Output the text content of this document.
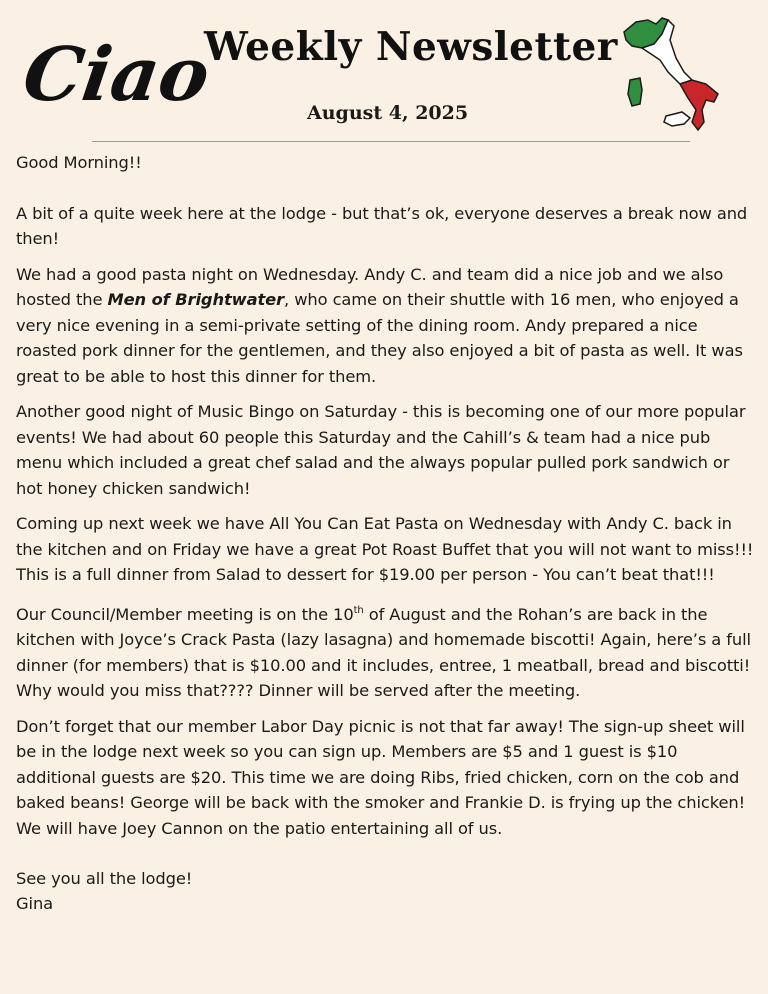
Ciao
Weekly Newsletter
August 4, 2025

Good Morning!!

A bit of a quite week here at the lodge - but that’s ok, everyone deserves a break now and then!

We had a good pasta night on Wednesday. Andy C. and team did a nice job and we also hosted the Men of Brightwater, who came on their shuttle with 16 men, who enjoyed a very nice evening in a semi-private setting of the dining room. Andy prepared a nice roasted pork dinner for the gentlemen, and they also enjoyed a bit of pasta as well. It was great to be able to host this dinner for them.

Another good night of Music Bingo on Saturday - this is becoming one of our more popular events! We had about 60 people this Saturday and the Cahill’s & team had a nice pub menu which included a great chef salad and the always popular pulled pork sandwich or hot honey chicken sandwich!

Coming up next week we have All You Can Eat Pasta on Wednesday with Andy C. back in the kitchen and on Friday we have a great Pot Roast Buffet that you will not want to miss!!! This is a full dinner from Salad to dessert for $19.00 per person - You can’t beat that!!!

Our Council/Member meeting is on the 10th of August and the Rohan’s are back in the kitchen with Joyce’s Crack Pasta (lazy lasagna) and homemade biscotti! Again, here’s a full dinner (for members) that is $10.00 and it includes, entree, 1 meatball, bread and biscotti! Why would you miss that???? Dinner will be served after the meeting.

Don’t forget that our member Labor Day picnic is not that far away! The sign-up sheet will be in the lodge next week so you can sign up. Members are $5 and 1 guest is $10 additional guests are $20. This time we are doing Ribs, fried chicken, corn on the cob and baked beans! George will be back with the smoker and Frankie D. is frying up the chicken! We will have Joey Cannon on the patio entertaining all of us.

See you all the lodge!
Gina
